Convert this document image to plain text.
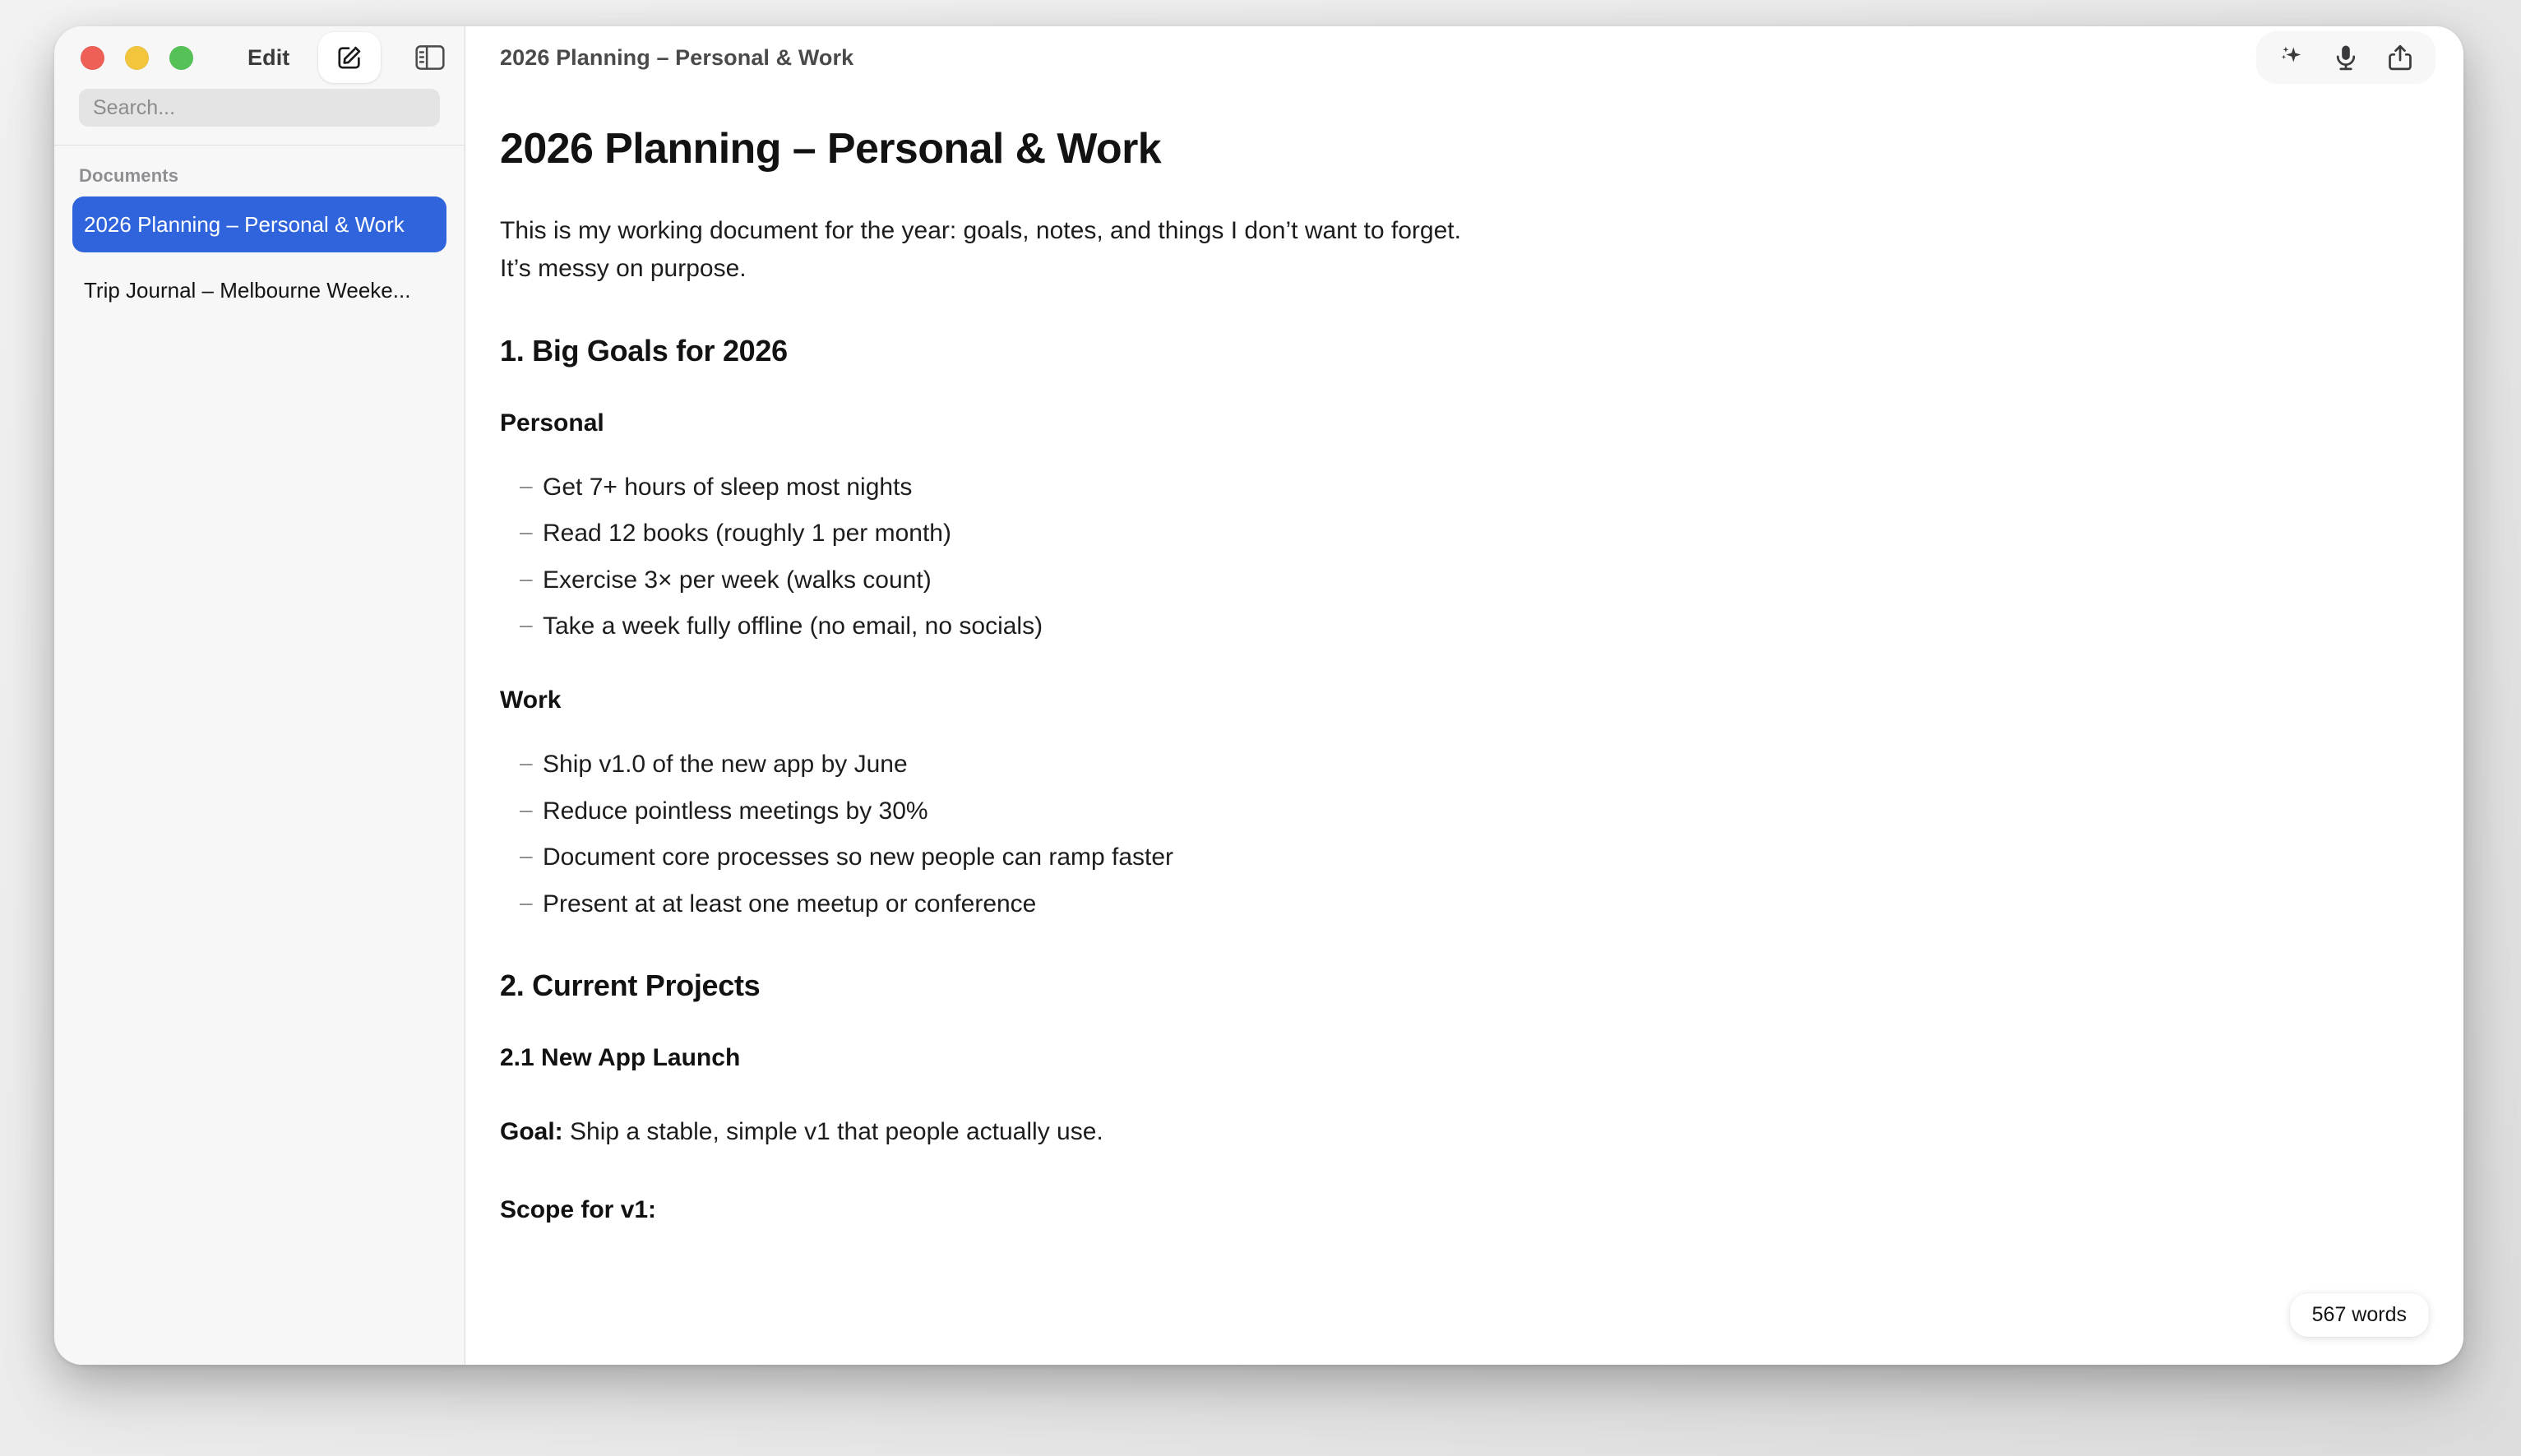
Edit
Search...
Documents
2026 Planning – Personal & Work
Trip Journal – Melbourne Weeke...
2026 Planning – Personal & Work
2026 Planning – Personal & Work

This is my working document for the year: goals, notes, and things I don’t want to forget.
It’s messy on purpose.

1. Big Goals for 2026
Personal
– Get 7+ hours of sleep most nights
– Read 12 books (roughly 1 per month)
– Exercise 3× per week (walks count)
– Take a week fully offline (no email, no socials)
Work
– Ship v1.0 of the new app by June
– Reduce pointless meetings by 30%
– Document core processes so new people can ramp faster
– Present at at least one meetup or conference
2. Current Projects
2.1 New App Launch

Goal: Ship a stable, simple v1 that people actually use.

Scope for v1:

567 words
